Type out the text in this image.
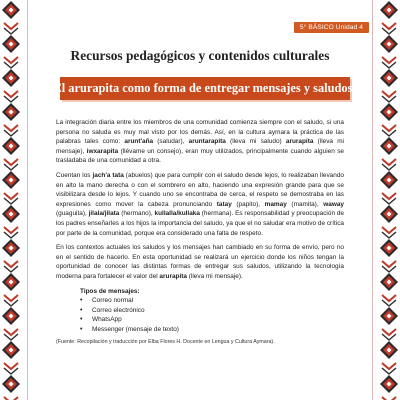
5° BÁSICO Unidad 4
Recursos pedagógicos y contenidos culturales
El arurapita como forma de entregar mensajes y saludos:

La integración diaria entre los miembros de una comunidad comienza siempre con el saludo, si una persona no saluda es muy mal visto por los demás. Así, en la cultura aymara la práctica de las palabras tales como: arunt'aña (saludar), aruntarapita (lleva mi saludo) arurapita (lleva mi mensaje), iwxarapita (llévame un consejo), eran muy utilizados, principalmente cuando alguien se trasladaba de una comunidad a otra.

Cuentan los jach'a tata (abuelos) que para cumplir con el saludo desde lejos, lo realizaban llevando en alto la mano derecha o con el sombrero en alto, haciendo una expresión grande para que se visibilizara desde lo lejos. Y cuando uno se encontraba de cerca, el respeto se demostraba en las expresiones como mover la cabeza pronunciando tatay (papito), mamay (mamita), waway (guaguita), jilala/jilata (hermano), kullalla/kullaka (hermana). Es responsabilidad y preocupación de los padres enseñarles a los hijos la importancia del saludo, ya que el no saludar era motivo de crítica por parte de la comunidad, porque era considerado una falta de respeto.

En los contextos actuales los saludos y los mensajes han cambiado en su forma de envío, pero no en el sentido de hacerlo. En esta oportunidad se realizará un ejercicio donde los niños tengan la oportunidad de conocer las distintas formas de entregar sus saludos, utilizando la tecnología moderna para fortalecer el valor del arurapita (lleva mi mensaje).

Tipos de mensajes:
• Correo normal
• Correo electrónico
• WhatsApp
• Messenger (mensaje de texto)
(Fuente: Recopilación y traducción por Elba Flores H. Docente en Lengua y Cultura Aymara).
